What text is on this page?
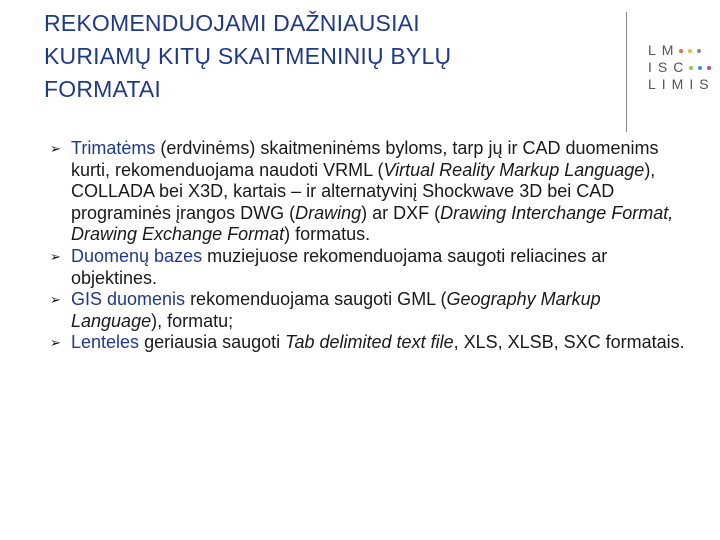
REKOMENDUOJAMI DAŽNIAUSIAI
KURIAMŲ KITŲ SKAITMENINIŲ BYLŲ
FORMATAI
LM
ISC
LIMIS

➢ Trimatėms (erdvinėms) skaitmeninėms byloms, tarp jų ir CAD duomenims kurti, rekomenduojama naudoti VRML (Virtual Reality Markup Language), COLLADA bei X3D, kartais – ir alternatyvinį Shockwave 3D bei CAD programinės įrangos DWG (Drawing) ar DXF (Drawing Interchange Format, Drawing Exchange Format) formatus.

➢ Duomenų bazes muziejuose rekomenduojama saugoti reliacines ar objektines.

➢ GIS duomenis rekomenduojama saugoti GML (Geography Markup Language), formatu;

➢ Lenteles geriausia saugoti Tab delimited text file, XLS, XLSB, SXC formatais.
